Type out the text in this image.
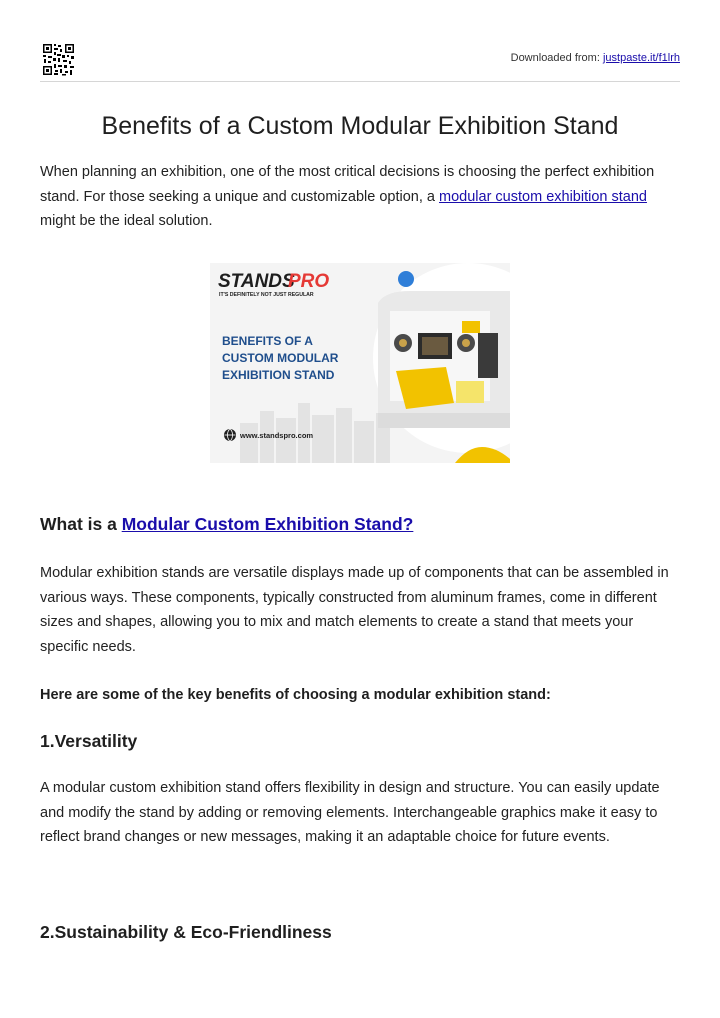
Downloaded from: justpaste.it/f1lrh
Benefits of a Custom Modular Exhibition Stand

When planning an exhibition, one of the most critical decisions is choosing the perfect exhibition stand. For those seeking a unique and customizable option, a modular custom exhibition stand might be the ideal solution.

STANDS
PRO
IT'S DEFINITELY NOT JUST REGULAR
BENEFITS OF A
CUSTOM MODULAR
EXHIBITION STAND
www.standspro.com
What is a Modular Custom Exhibition Stand?

Modular exhibition stands are versatile displays made up of components that can be assembled in various ways. These components, typically constructed from aluminum frames, come in different sizes and shapes, allowing you to mix and match elements to create a stand that meets your specific needs.

Here are some of the key benefits of choosing a modular exhibition stand:

1.Versatility

A modular custom exhibition stand offers flexibility in design and structure. You can easily update and modify the stand by adding or removing elements. Interchangeable graphics make it easy to reflect brand changes or new messages, making it an adaptable choice for future events.

2.Sustainability & Eco-Friendliness
